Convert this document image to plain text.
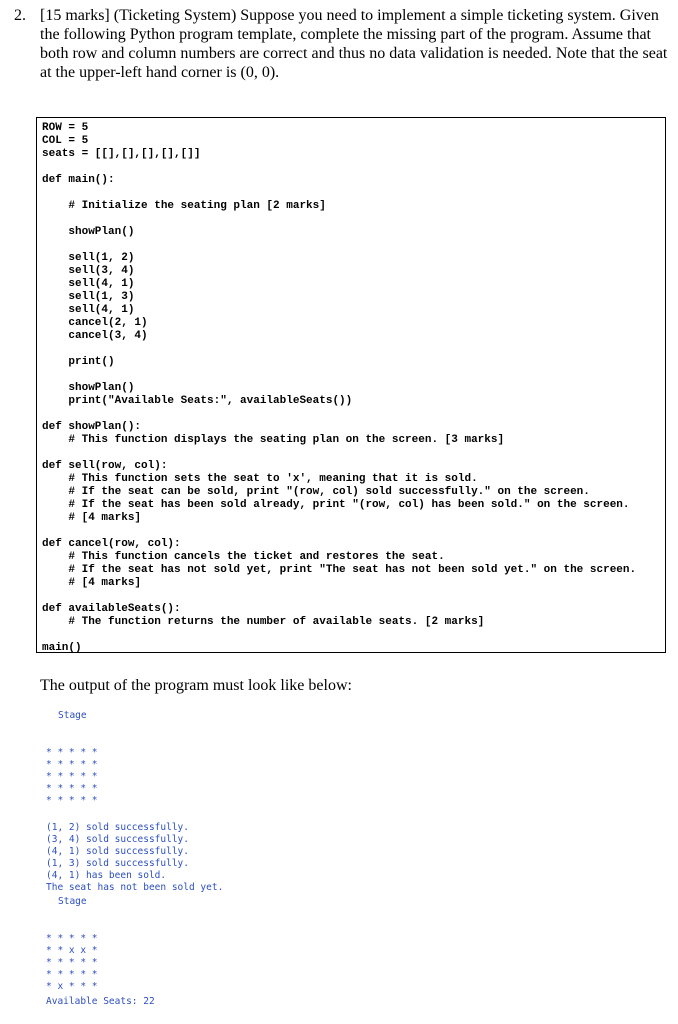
2. [15 marks] (Ticketing System) Suppose you need to implement a simple ticketing system. Given
the following Python program template, complete the missing part of the program. Assume that
both row and column numbers are correct and thus no data validation is needed. Note that the seat
at the upper-left hand corner is (0, 0).
ROW = 5
COL = 5
seats = [[],[],[],[],[]]
def main():
# Initialize the seating plan [2 marks]
showPlan()
sell(1, 2)
sell(3, 4)
sell(4, 1)
sell(1, 3)
sell(4, 1)
cancel(2, 1)
cancel(3, 4)
print()
showPlan()
print("Available Seats:", availableSeats())
def showPlan():
# This function displays the seating plan on the screen. [3 marks]
def sell(row, col):
# This function sets the seat to 'x', meaning that it is sold.
# If the seat can be sold, print "(row, col) sold successfully." on the screen.
# If the seat has been sold already, print "(row, col) has been sold." on the screen.
# [4 marks]
def cancel(row, col):
# This function cancels the ticket and restores the seat.
# If the seat has not sold yet, print "The seat has not been sold yet." on the screen.
# [4 marks]
def availableSeats():
# The function returns the number of available seats. [2 marks]
main()
The output of the program must look like below:
Stage

* * * * *
* * * * *
* * * * *
* * * * *
* * * * *

(1, 2) sold successfully.
(3, 4) sold successfully.
(4, 1) sold successfully.
(1, 3) sold successfully.
(4, 1) has been sold.
The seat has not been sold yet.
Stage

* * * * *
* * x x *
* * * * *
* * * * *
* x * * *
Available Seats: 22
